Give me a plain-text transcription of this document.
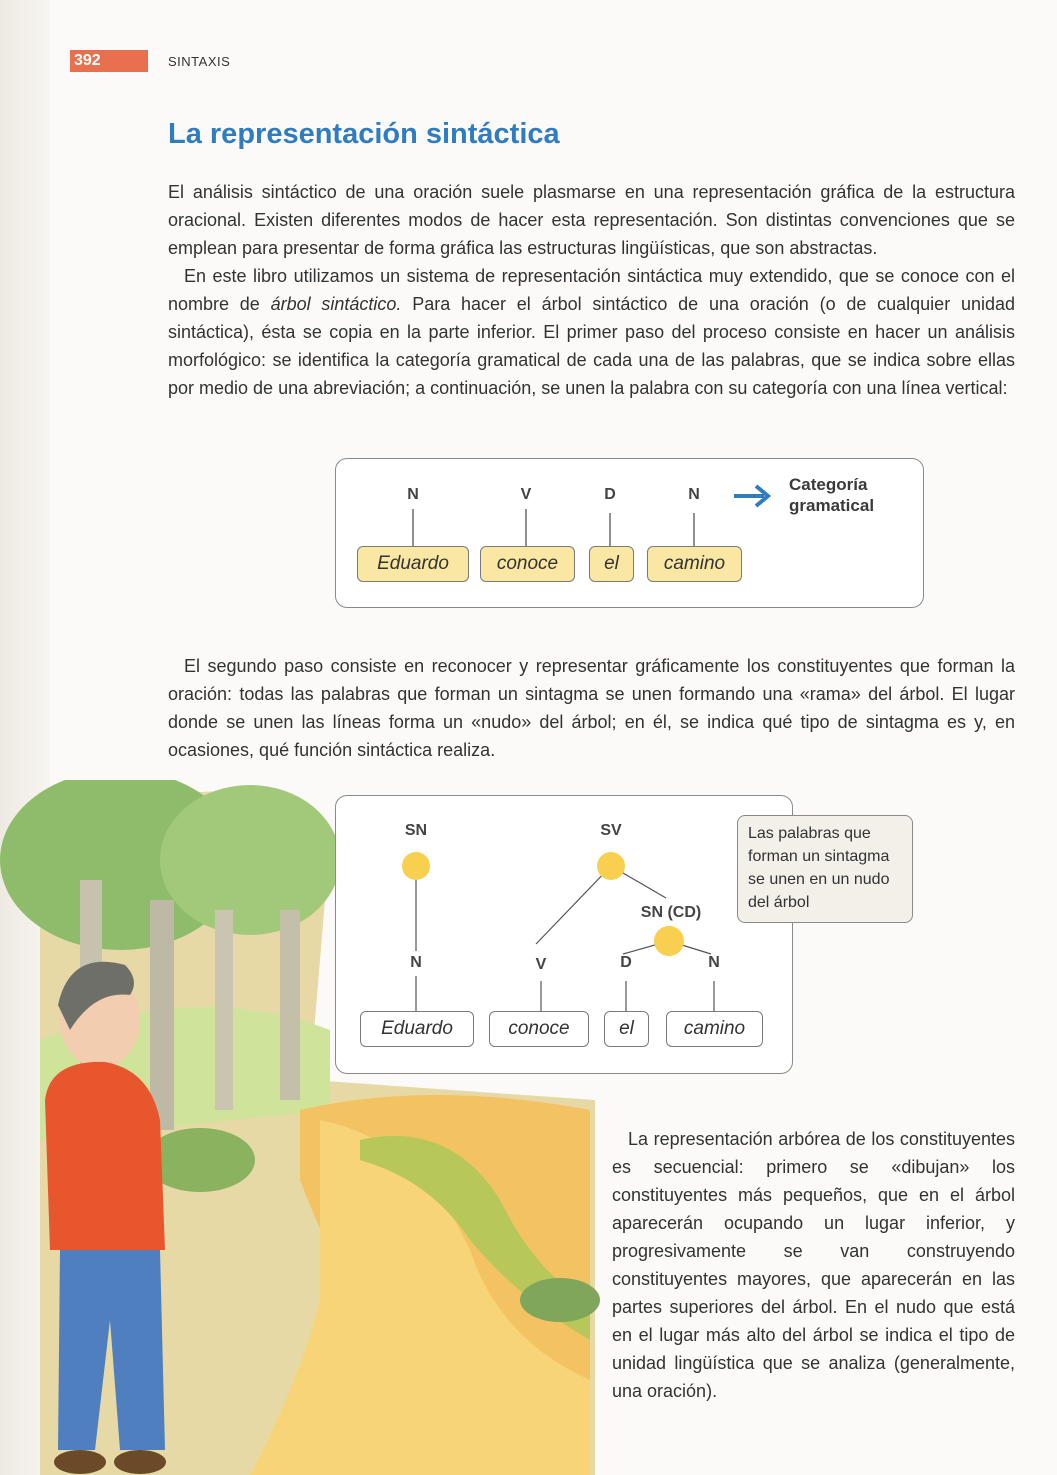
392	SINTAXIS
La representación sintáctica

El análisis sintáctico de una oración suele plasmarse en una representación gráfica de la estructura oracional. Existen diferentes modos de hacer esta representación. Son distintas convenciones que se emplean para presentar de forma gráfica las estructuras lingüísticas, que son abstractas.

En este libro utilizamos un sistema de representación sintáctica muy extendido, que se conoce con el nombre de árbol sintáctico. Para hacer el árbol sintáctico de una oración (o de cualquier unidad sintáctica), ésta se copia en la parte inferior. El primer paso del proceso consiste en hacer un análisis morfológico: se identifica la categoría gramatical de cada una de las palabras, que se indica sobre ellas por medio de una abreviación; a continuación, se unen la palabra con su categoría con una línea vertical:

N	V	D	N
Eduardo	conoce	el	camino
Categoría
gramatical

El segundo paso consiste en reconocer y representar gráficamente los constituyentes que forman la oración: todas las palabras que forman un sintagma se unen formando una «rama» del árbol. El lugar donde se unen las líneas forma un «nudo» del árbol; en él, se indica qué tipo de sintagma es y, en ocasiones, qué función sintáctica realiza.

SN	SV
SN (CD)
N	V	D	N
Eduardo	conoce	el	camino
Las palabras que forman un sintagma se unen en un nudo del árbol

La representación arbórea de los constituyentes es secuencial: primero se «dibujan» los constituyentes más pequeños, que en el árbol aparecerán ocupando un lugar inferior, y progresivamente se van construyendo constituyentes mayores, que aparecerán en las partes superiores del árbol. En el nudo que está en el lugar más alto del árbol se indica el tipo de unidad lingüística que se analiza (generalmente, una oración).
